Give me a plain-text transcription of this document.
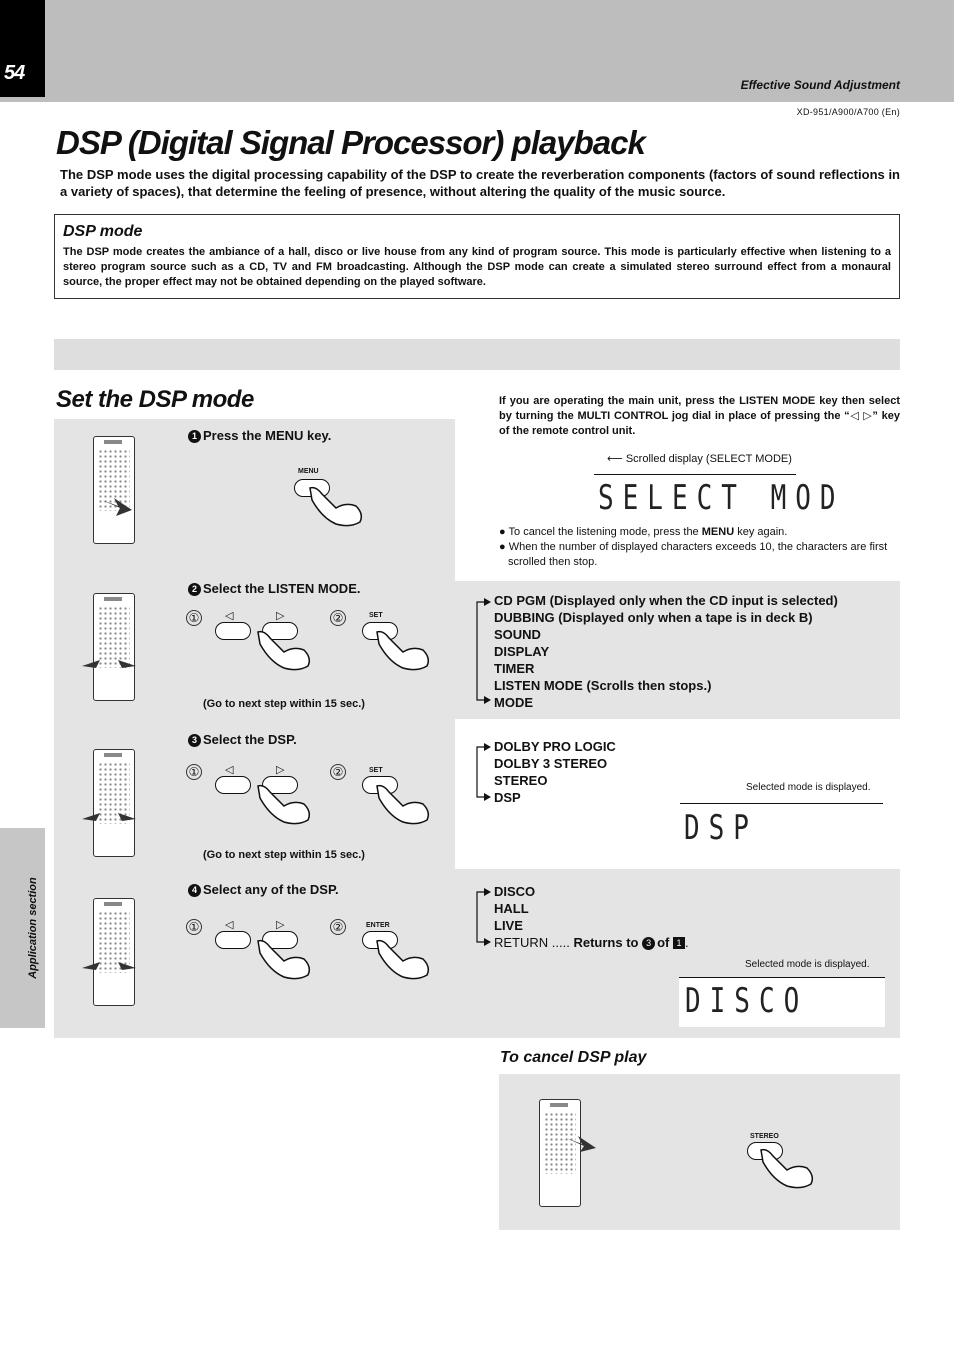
54
Effective Sound Adjustment
XD-951/A900/A700 (En)
DSP (Digital Signal Processor) playback
The DSP mode uses the digital processing capability of the DSP to create the reverberation components (factors of sound reflections in a variety of spaces), that determine the feeling of presence, without altering the quality of the music source.
DSP mode
The DSP mode creates the ambiance of a hall, disco or live house from any kind of program source. This mode is particularly effective when listening to a stereo program source such as a CD, TV and FM broadcasting. Although the DSP mode can create a simulated stereo surround effect from a monaural source, the proper effect may not be obtained depending on the played software.
Set the DSP mode	If you are operating the main unit, press the LISTEN MODE key then select by turning the MULTI CONTROL jog dial in place of pressing the “◁ ▷” key of the remote control unit.
Application section
1 Press the MENU key.
MENU
2 Select the LISTEN MODE.
① ◁	▷	②	SET
(Go to next step within 15 sec.)
3 Select the DSP.
① ◁	▷	②	SET
(Go to next step within 15 sec.)
4 Select any of the DSP.
① ◁	▷	②	ENTER
⟵ Scrolled display (SELECT MODE)
SELECT MOD
● To cancel the listening mode, press the MENU key again.
● When the number of displayed characters exceeds 10, the characters are first scrolled then stop.
CD PGM (Displayed only when the CD input is selected)
DUBBING (Displayed only when a tape is in deck B)
SOUND
DISPLAY
TIMER
LISTEN MODE (Scrolls then stops.)
MODE
DOLBY PRO LOGIC
DOLBY 3 STEREO
STEREO
DSP
Selected mode is displayed.
DSP
DISCO
HALL
LIVE
RETURN ..... Returns to 3 of 1 .
Selected mode is displayed.
DISCO
To cancel DSP play
STEREO
